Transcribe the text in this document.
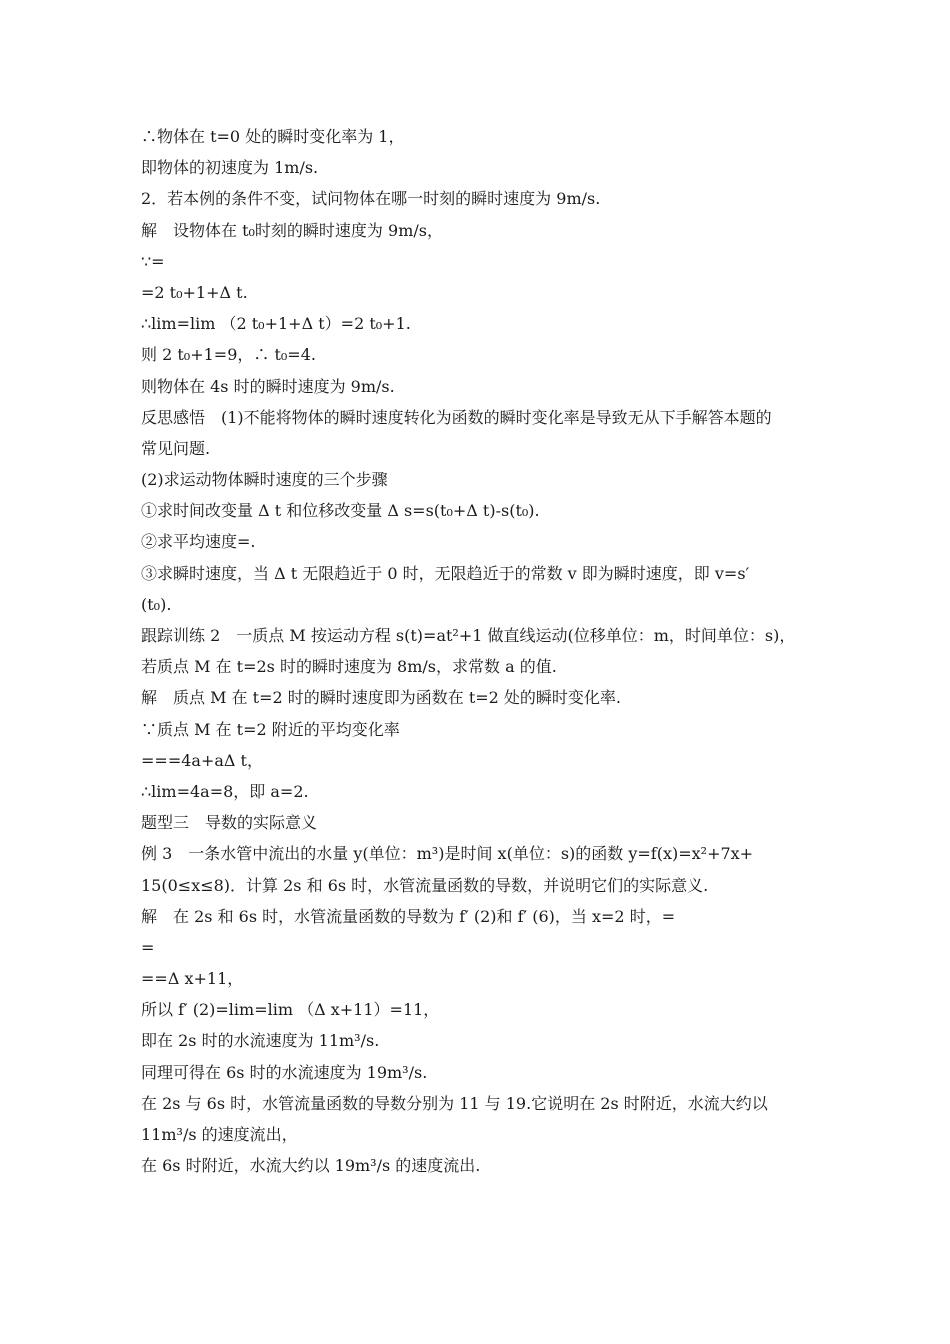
∴物体在 t=0 处的瞬时变化率为 1，
即物体的初速度为 1m/s.
2．若本例的条件不变，试问物体在哪一时刻的瞬时速度为 9m/s.
解　设物体在 t₀时刻的瞬时速度为 9m/s，
∵=
=2 t₀+1+Δ t.
∴lim=lim （2 t₀+1+Δ t）=2 t₀+1.
则 2 t₀+1=9，∴ t₀=4.
则物体在 4s 时的瞬时速度为 9m/s.
反思感悟　(1)不能将物体的瞬时速度转化为函数的瞬时变化率是导致无从下手解答本题的
常见问题.
(2)求运动物体瞬时速度的三个步骤
①求时间改变量 Δ t 和位移改变量 Δ s=s(t₀+Δ t)-s(t₀).
②求平均速度=.
③求瞬时速度，当 Δ t 无限趋近于 0 时，无限趋近于的常数 v 即为瞬时速度，即 v=s′
(t₀).
跟踪训练 2　一质点 M 按运动方程 s(t)=at²+1 做直线运动(位移单位：m，时间单位：s)，
若质点 M 在 t=2s 时的瞬时速度为 8m/s，求常数 a 的值.
解　质点 M 在 t=2 时的瞬时速度即为函数在 t=2 处的瞬时变化率.
∵质点 M 在 t=2 附近的平均变化率
===4a+aΔ t，
∴lim=4a=8，即 a=2.
题型三　导数的实际意义
例 3　一条水管中流出的水量 y(单位：m³)是时间 x(单位：s)的函数 y=f(x)=x²+7x+
15(0≤x≤8)．计算 2s 和 6s 时，水管流量函数的导数，并说明它们的实际意义.
解　在 2s 和 6s 时，水管流量函数的导数为 f′ (2)和 f′ (6)，当 x=2 时，=
=
==Δ x+11，
所以 f′ (2)=lim=lim （Δ x+11）=11，
即在 2s 时的水流速度为 11m³/s.
同理可得在 6s 时的水流速度为 19m³/s.
在 2s 与 6s 时，水管流量函数的导数分别为 11 与 19.它说明在 2s 时附近，水流大约以
11m³/s 的速度流出，
在 6s 时附近，水流大约以 19m³/s 的速度流出.
